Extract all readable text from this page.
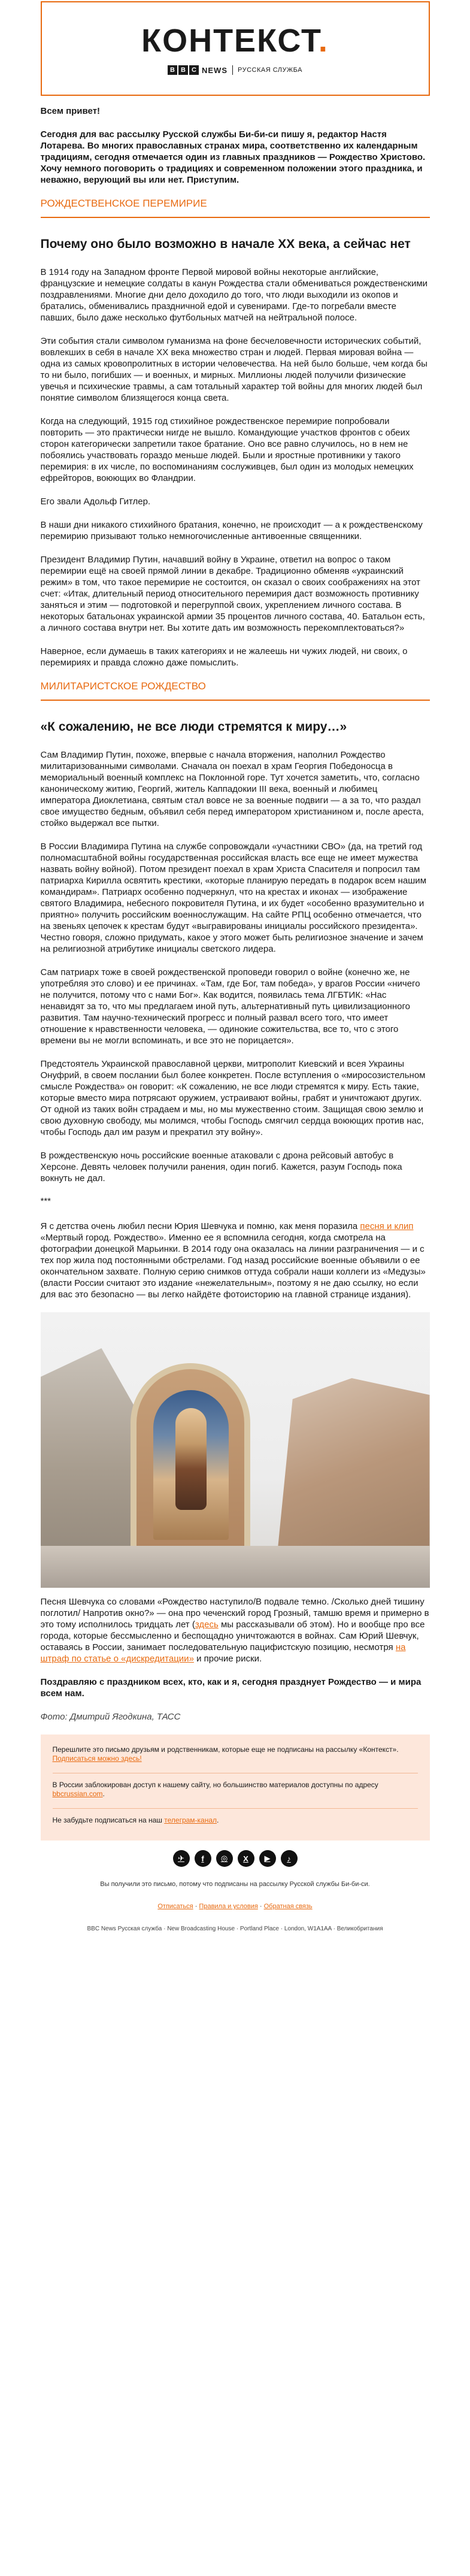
КОНТЕКСТ.
B B C NEWS РУССКАЯ СЛУЖБА

Всем привет!

Сегодня для вас рассылку Русской службы Би-би-си пишу я, редактор Настя Лотарева. Во многих православных странах мира, соответственно их календарным традициям, сегодня отмечается один из главных праздников — Рождество Христово. Хочу немного поговорить о традициях и современном положении этого праздника, и неважно, верующий вы или нет. Приступим.

РОЖДЕСТВЕНСКОЕ ПЕРЕМИРИЕ
Почему оно было возможно в начале XX века, а сейчас нет

В 1914 году на Западном фронте Первой мировой войны некоторые английские, французские и немецкие солдаты в канун Рождества стали обмениваться рождественскими поздравлениями. Многие дни дело доходило до того, что люди выходили из окопов и братались, обменивались праздничной едой и сувенирами. Где-то погребали вместе павших, было даже несколько футбольных матчей на нейтральной полосе.

Эти события стали символом гуманизма на фоне бесчеловечности исторических событий, вовлекших в себя в начале XX века множество стран и людей. Первая мировая война — одна из самых кровопролитных в истории человечества. На ней было больше, чем когда бы то ни было, погибших — и военных, и мирных. Миллионы людей получили физические увечья и психические травмы, а сам тотальный характер той войны для многих людей был понятие символом близящегося конца света.

Когда на следующий, 1915 год стихийное рождественское перемирие попробовали повторить — это практически нигде не вышло. Командующие участков фронтов с обеих сторон категорически запретили такое братание. Оно все равно случилось, но в нем не побоялись участвовать гораздо меньше людей. Были и яростные противники у такого перемирия: в их числе, по воспоминаниям сослуживцев, был один из молодых немецких ефрейторов, воюющих во Фландрии.

Его звали Адольф Гитлер.

В наши дни никакого стихийного братания, конечно, не происходит — а к рождественскому перемирию призывают только немногочисленные антивоенные священники.

Президент Владимир Путин, начавший войну в Украине, ответил на вопрос о таком перемирии ещё на своей прямой линии в декабре. Традиционно обменяв «украинский режим» в том, что такое перемирие не состоится, он сказал о своих соображениях на этот счет: «Итак, длительный период относительного перемирия даст возможность противнику заняться и этим — подготовкой и перегруппой своих, укреплением личного состава. В некоторых батальонах украинской армии 35 процентов личного состава, 40. Батальон есть, а личного состава внутри нет. Вы хотите дать им возможность перекомплектоваться?»

Наверное, если думаешь в таких категориях и не жалеешь ни чужих людей, ни своих, о перемириях и правда сложно даже помыслить.

МИЛИТАРИСТСКОЕ РОЖДЕСТВО
«К сожалению, не все люди стремятся к миру…»

Сам Владимир Путин, похоже, впервые с начала вторжения, наполнил Рождество милитаризованными символами. Сначала он поехал в храм Георгия Победоносца в мемориальный военный комплекс на Поклонной горе. Тут хочется заметить, что, согласно каноническому житию, Георгий, житель Каппадокии III века, военный и любимец императора Диоклетиана, святым стал вовсе не за военные подвиги — а за то, что раздал свое имущество бедным, объявил себя перед императором христианином и, после ареста, стойко выдержал все пытки.

В России Владимира Путина на службе сопровождали «участники СВО» (да, на третий год полномасштабной войны государственная российская власть все еще не имеет мужества назвать войну войной). Потом президент поехал в храм Христа Спасителя и попросил там патриарха Кирилла освятить крестики, «которые планирую передать в подарок всем нашим командирам». Патриарх особенно подчеркнул, что на крестах и иконах — изображение святого Владимира, небесного покровителя Путина, и их будет «особенно вразумительно и приятно» получить российским военнослужащим. На сайте РПЦ особенно отмечается, что на звеньях цепочек к крестам будут «выгравированы инициалы российского президента». Честно говоря, сложно придумать, какое у этого может быть религиозное значение и зачем на религиозной атрибутике инициалы светского лидера.

Сам патриарх тоже в своей рождественской проповеди говорил о войне (конечно же, не употребляя это слово) и ее причинах. «Там, где Бог, там победа», у врагов России «ничего не получится, потому что с нами Бог». Как водится, появилась тема ЛГБТИК: «Нас ненавидят за то, что мы предлагаем иной путь, альтернативный путь цивилизационного развития. Там научно-технический прогресс и полный развал всего того, что имеет отношение к нравственности человека, — одинокие сожительства, все то, что с этого времени вы не могли вспоминать, и все это не порицается».

Предстоятель Украинской православной церкви, митрополит Киевский и всея Украины Онуфрий, в своем послании был более конкретен. После вступления о «миросозистельном смысле Рождества» он говорит: «К сожалению, не все люди стремятся к миру. Есть такие, которые вместо мира потрясают оружием, устраивают войны, грабят и уничтожают других. От одной из таких войн страдаем и мы, но мы мужественно стоим. Защищая свою землю и свою духовную свободу, мы молимся, чтобы Господь смягчил сердца воюющих против нас, чтобы Господь дал им разум и прекратил эту войну».

В рождественскую ночь российские военные атаковали с дрона рейсовый автобус в Херсоне. Девять человек получили ранения, один погиб. Кажется, разум Господь пока вокнуть не дал.

***

Я с детства очень любил песни Юрия Шевчука и помню, как меня поразила песня и клип «Мертвый город. Рождество». Именно ее я вспомнила сегодня, когда смотрела на фотографии донецкой Марьинки. В 2014 году она оказалась на линии разграничения — и с тех пор жила под постоянными обстрелами. Год назад российские военные объявили о ее окончательном захвате. Полную серию снимков оттуда собрали наши коллеги из «Медузы» (власти России считают это издание «нежелательным», поэтому я не даю ссылку, но если для вас это безопасно — вы легко найдёте фотоисторию на главной странице издания).

Песня Шевчука со словами «Рождество наступило/В подвале темно. /Сколько дней тишину поглотил/ Напротив окно?» — она про чеченский город Грозный, тамшю время и примерно в это тому исполнилось тридцать лет (здесь мы рассказывали об этом). Но и вообще про все города, которые бессмысленно и беспощадно уничтожаются в войнах. Сам Юрий Шевчук, оставаясь в России, занимает последовательную пацифистскую позицию, несмотря на штраф по статье о «дискредитации» и прочие риски.

Поздравляю с праздником всех, кто, как и я, сегодня празднует Рождество — и мира всем нам.

Фото: Дмитрий Ягодкина, ТАСС

Перешлите это письмо друзьям и родственникам, которые еще не подписаны на рассылку «Контекст». Подписаться можно здесь!

В России заблокирован доступ к нашему сайту, но большинство материалов доступны по адресу bbcrussian.com.

Не забудьте подписаться на наш телеграм-канал.

✈	f	◎	X	▶	♪

Вы получили это письмо, потому что подписаны на рассылку Русской службы Би-би-си.

Отписаться · Правила и условия · Обратная связь

BBC News Русская служба · New Broadcasting House · Portland Place · London, W1A1AA · Великобритания
